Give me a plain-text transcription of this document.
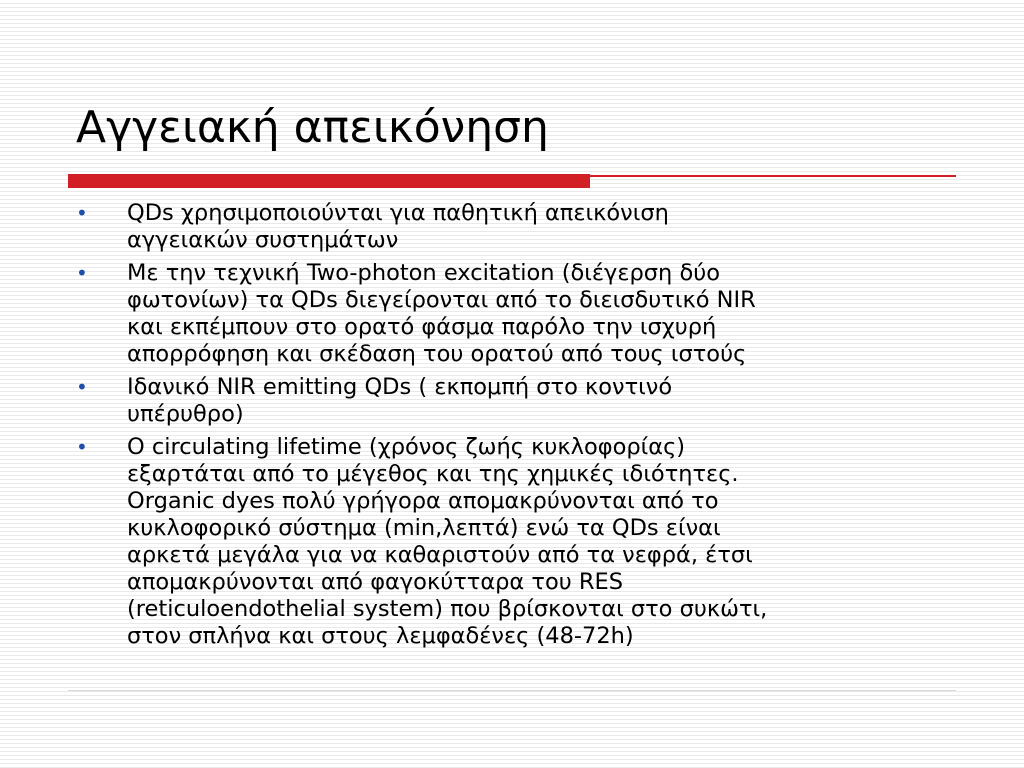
Αγγειακή απεικόνηση
•	QDs χρησιμοποιούνται για παθητική απεικόνιση
αγγειακών συστημάτων
•	Με την τεχνική Two-photon excitation (διέγερση δύο
φωτονίων) τα QDs διεγείρονται από το διεισδυτικό NIR
και εκπέμπουν στο ορατό φάσμα παρόλο την ισχυρή
απορρόφηση και σκέδαση του ορατού από τους ιστούς
•	Ιδανικό NIR emitting QDs ( εκπομπή στο κοντινό
υπέρυθρο)
•	O circulating lifetime (χρόνος ζωής κυκλοφορίας)
εξαρτάται από το μέγεθος και της χημικές ιδιότητες.
Organic dyes πολύ γρήγορα απομακρύνονται από το
κυκλοφορικό σύστημα (min,λεπτά) ενώ τα QDs είναι
αρκετά μεγάλα για να καθαριστούν από τα νεφρά, έτσι
απομακρύνονται από φαγοκύτταρα του RES
(reticuloendothelial system) που βρίσκονται στο συκώτι,
στον σπλήνα και στους λεμφαδένες (48-72h)
